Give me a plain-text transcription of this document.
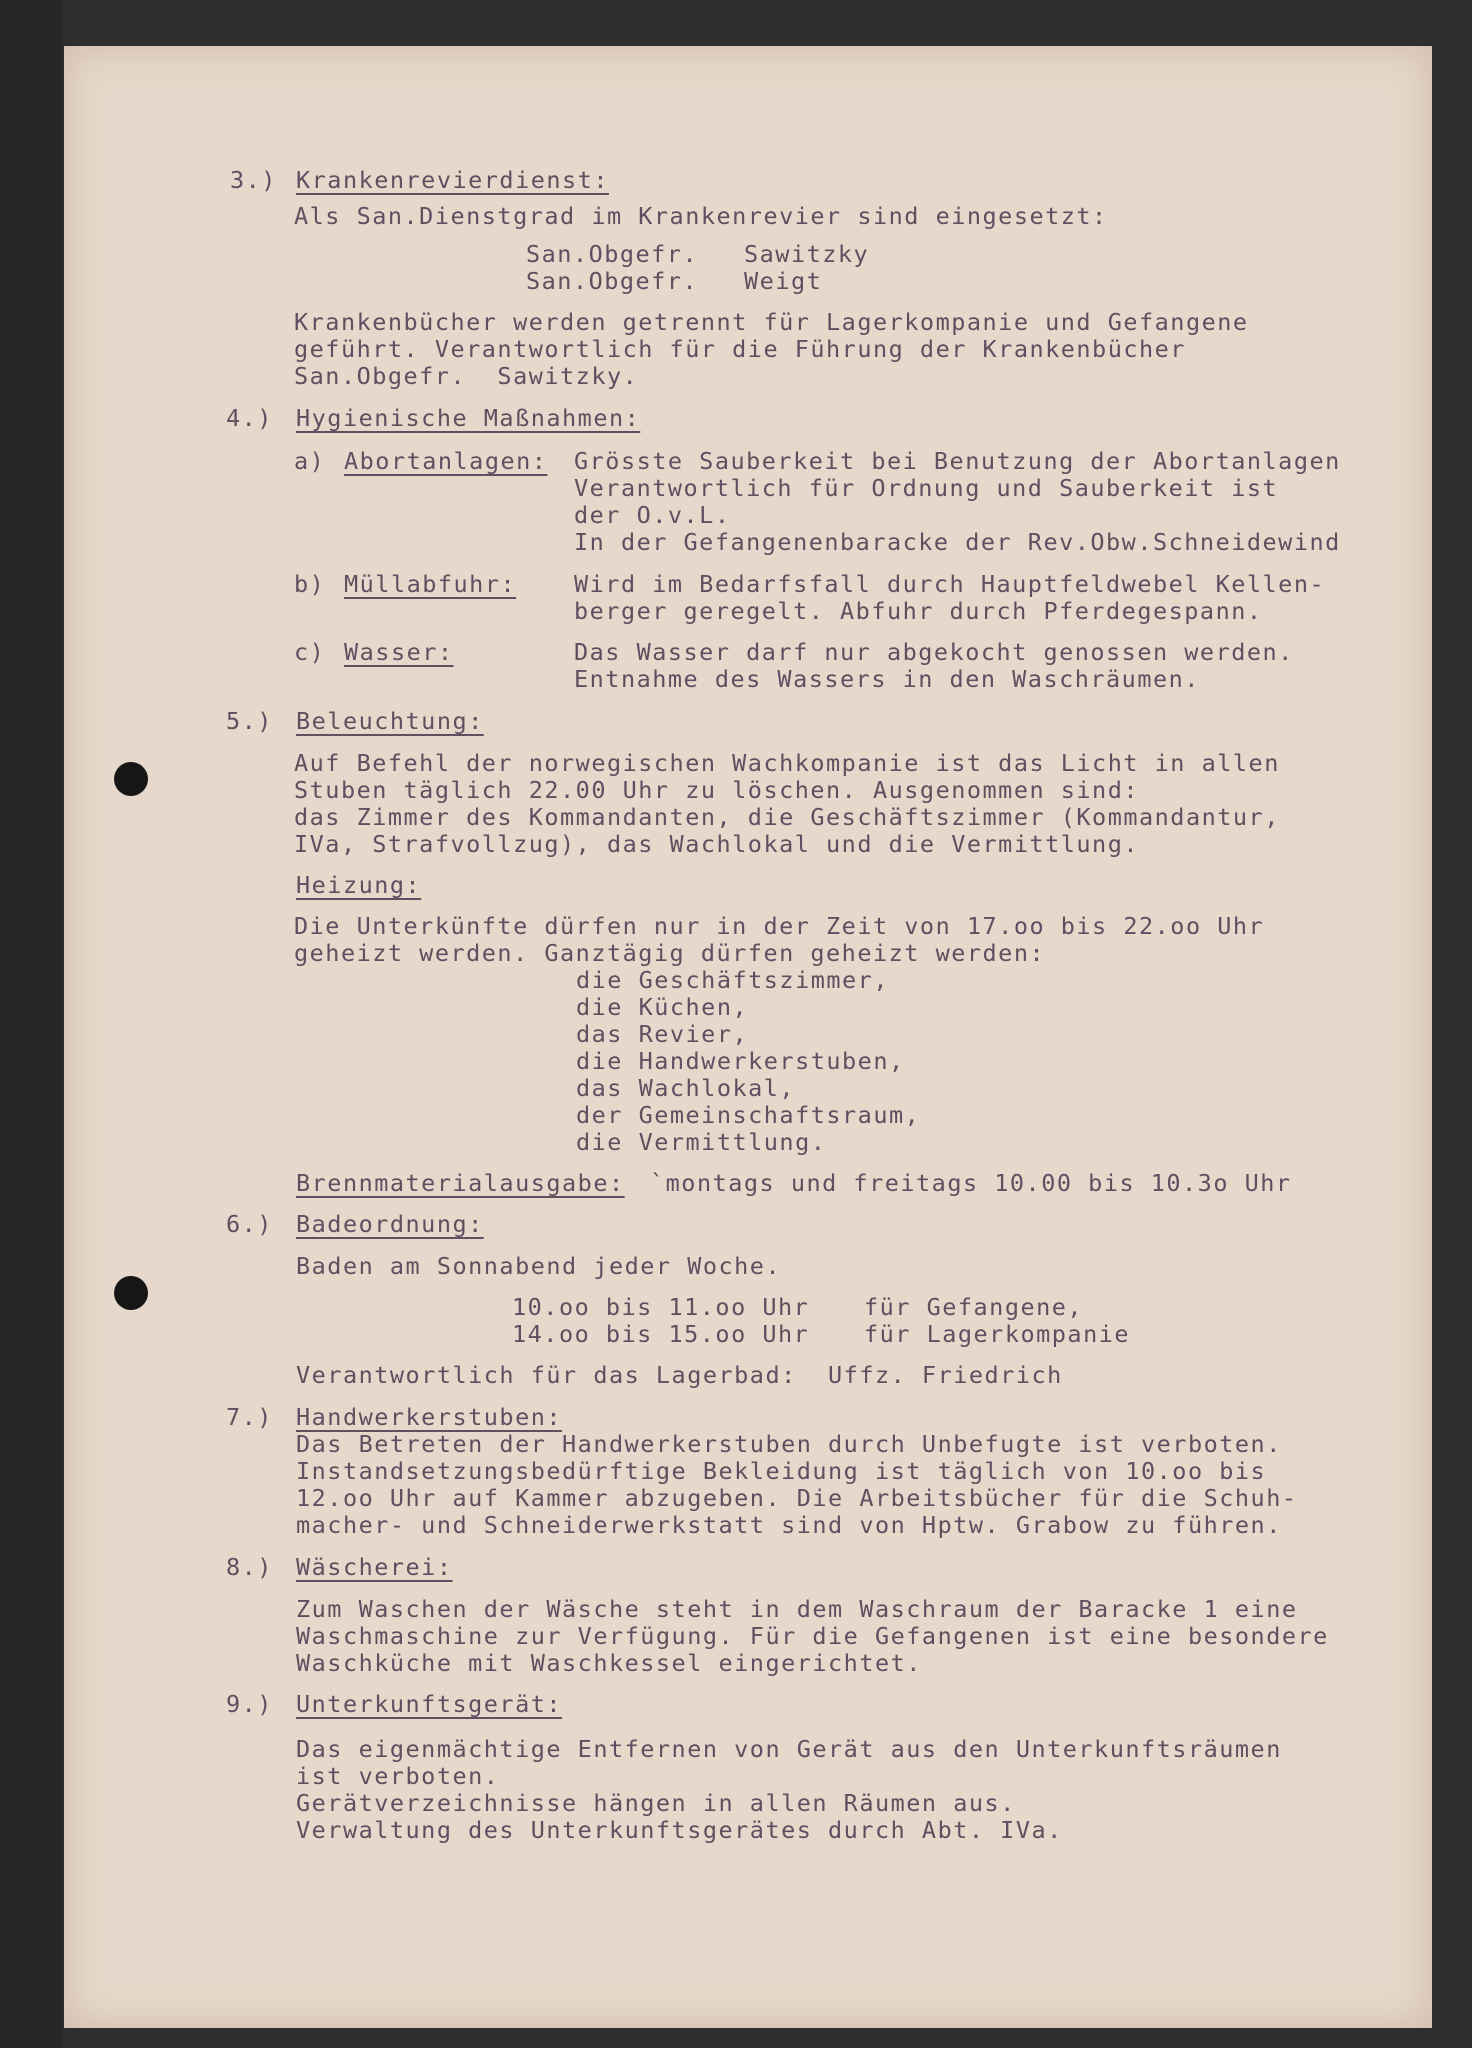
3.) Krankenrevierdienst:
Als San.Dienstgrad im Krankenrevier sind eingesetzt:
San.Obgefr. Sawitzky
San.Obgefr. Weigt
Krankenbücher werden getrennt für Lagerkompanie und Gefangene
geführt. Verantwortlich für die Führung der Krankenbücher
San.Obgefr.  Sawitzky.
4.) Hygienische Maßnahmen:
a) Abortanlagen: Grösste Sauberkeit bei Benutzung der Abortanlagen
Verantwortlich für Ordnung und Sauberkeit ist
der O.v.L.
In der Gefangenenbaracke der Rev.Obw.Schneidewind
b) Müllabfuhr: Wird im Bedarfsfall durch Hauptfeldwebel Kellen-
berger geregelt. Abfuhr durch Pferdegespann.
c) Wasser:	Das Wasser darf nur abgekocht genossen werden.
Entnahme des Wassers in den Waschräumen.
5.) Beleuchtung:
Auf Befehl der norwegischen Wachkompanie ist das Licht in allen
Stuben täglich 22.00 Uhr zu löschen. Ausgenommen sind:
das Zimmer des Kommandanten, die Geschäftszimmer (Kommandantur,
IVa, Strafvollzug), das Wachlokal und die Vermittlung.
Heizung:
Die Unterkünfte dürfen nur in der Zeit von 17.oo bis 22.oo Uhr
geheizt werden. Ganztägig dürfen geheizt werden:
die Geschäftszimmer,
die Küchen,
das Revier,
die Handwerkerstuben,
das Wachlokal,
der Gemeinschaftsraum,
die Vermittlung.
Brennmaterialausgabe: `montags und freitags 10.00 bis 10.3o Uhr
6.) Badeordnung:
Baden am Sonnabend jeder Woche.
10.oo bis 11.oo Uhr für Gefangene,
14.oo bis 15.oo Uhr für Lagerkompanie
Verantwortlich für das Lagerbad:  Uffz. Friedrich
7.) Handwerkerstuben:
Das Betreten der Handwerkerstuben durch Unbefugte ist verboten.
Instandsetzungsbedürftige Bekleidung ist täglich von 10.oo bis
12.oo Uhr auf Kammer abzugeben. Die Arbeitsbücher für die Schuh-
macher- und Schneiderwerkstatt sind von Hptw. Grabow zu führen.
8.) Wäscherei:
Zum Waschen der Wäsche steht in dem Waschraum der Baracke 1 eine
Waschmaschine zur Verfügung. Für die Gefangenen ist eine besondere
Waschküche mit Waschkessel eingerichtet.
9.) Unterkunftsgerät:
Das eigenmächtige Entfernen von Gerät aus den Unterkunftsräumen
ist verboten.
Gerätverzeichnisse hängen in allen Räumen aus.
Verwaltung des Unterkunftsgerätes durch Abt. IVa.
